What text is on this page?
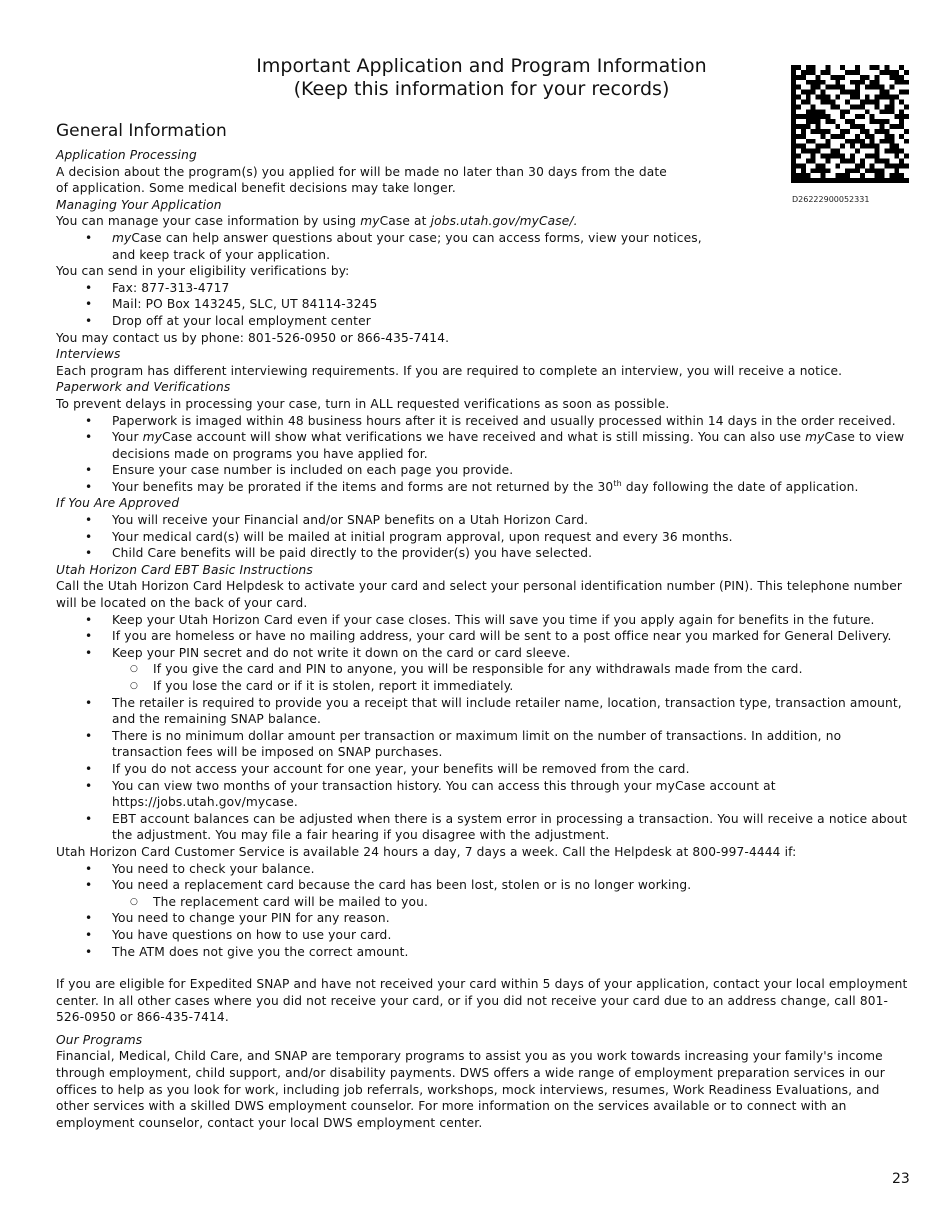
Important Application and Program Information
(Keep this information for your records)
D26222900052331
General Information

Application Processing

A decision about the program(s) you applied for will be made no later than 30 days from the date of application. Some medical benefit decisions may take longer.

Managing Your Application

You can manage your case information by using myCase at jobs.utah.gov/myCase/.

• myCase can help answer questions about your case; you can access forms, view your notices, and keep track of your application.

You can send in your eligibility verifications by:

• Fax: 877-313-4717
• Mail: PO Box 143245, SLC, UT 84114-3245
• Drop off at your local employment center

You may contact us by phone: 801-526-0950 or 866-435-7414.

Interviews

Each program has different interviewing requirements. If you are required to complete an interview, you will receive a notice.

Paperwork and Verifications

To prevent delays in processing your case, turn in ALL requested verifications as soon as possible.

• Paperwork is imaged within 48 business hours after it is received and usually processed within 14 days in the order received.
• Your myCase account will show what verifications we have received and what is still missing. You can also use myCase to view decisions made on programs you have applied for.
• Ensure your case number is included on each page you provide.
• Your benefits may be prorated if the items and forms are not returned by the 30th day following the date of application.

If You Are Approved

• You will receive your Financial and/or SNAP benefits on a Utah Horizon Card.
• Your medical card(s) will be mailed at initial program approval, upon request and every 36 months.
• Child Care benefits will be paid directly to the provider(s) you have selected.

Utah Horizon Card EBT Basic Instructions

Call the Utah Horizon Card Helpdesk to activate your card and select your personal identification number (PIN). This telephone number will be located on the back of your card.

• Keep your Utah Horizon Card even if your case closes. This will save you time if you apply again for benefits in the future.
• If you are homeless or have no mailing address, your card will be sent to a post office near you marked for General Delivery.
• Keep your PIN secret and do not write it down on the card or card sleeve.
○ If you give the card and PIN to anyone, you will be responsible for any withdrawals made from the card.
○ If you lose the card or if it is stolen, report it immediately.
• The retailer is required to provide you a receipt that will include retailer name, location, transaction type, transaction amount, and the remaining SNAP balance.
• There is no minimum dollar amount per transaction or maximum limit on the number of transactions. In addition, no transaction fees will be imposed on SNAP purchases.
• If you do not access your account for one year, your benefits will be removed from the card.
• You can view two months of your transaction history. You can access this through your myCase account at https://jobs.utah.gov/mycase.
• EBT account balances can be adjusted when there is a system error in processing a transaction. You will receive a notice about the adjustment. You may file a fair hearing if you disagree with the adjustment.

Utah Horizon Card Customer Service is available 24 hours a day, 7 days a week. Call the Helpdesk at 800-997-4444 if:

• You need to check your balance.
• You need a replacement card because the card has been lost, stolen or is no longer working.
○ The replacement card will be mailed to you.
• You need to change your PIN for any reason.
• You have questions on how to use your card.
• The ATM does not give you the correct amount.

If you are eligible for Expedited SNAP and have not received your card within 5 days of your application, contact your local employment center. In all other cases where you did not receive your card, or if you did not receive your card due to an address change, call 801-526-0950 or 866-435-7414.

Our Programs

Financial, Medical, Child Care, and SNAP are temporary programs to assist you as you work towards increasing your family's income through employment, child support, and/or disability payments. DWS offers a wide range of employment preparation services in our offices to help as you look for work, including job referrals, workshops, mock interviews, resumes, Work Readiness Evaluations, and other services with a skilled DWS employment counselor. For more information on the services available or to connect with an employment counselor, contact your local DWS employment center.

23
